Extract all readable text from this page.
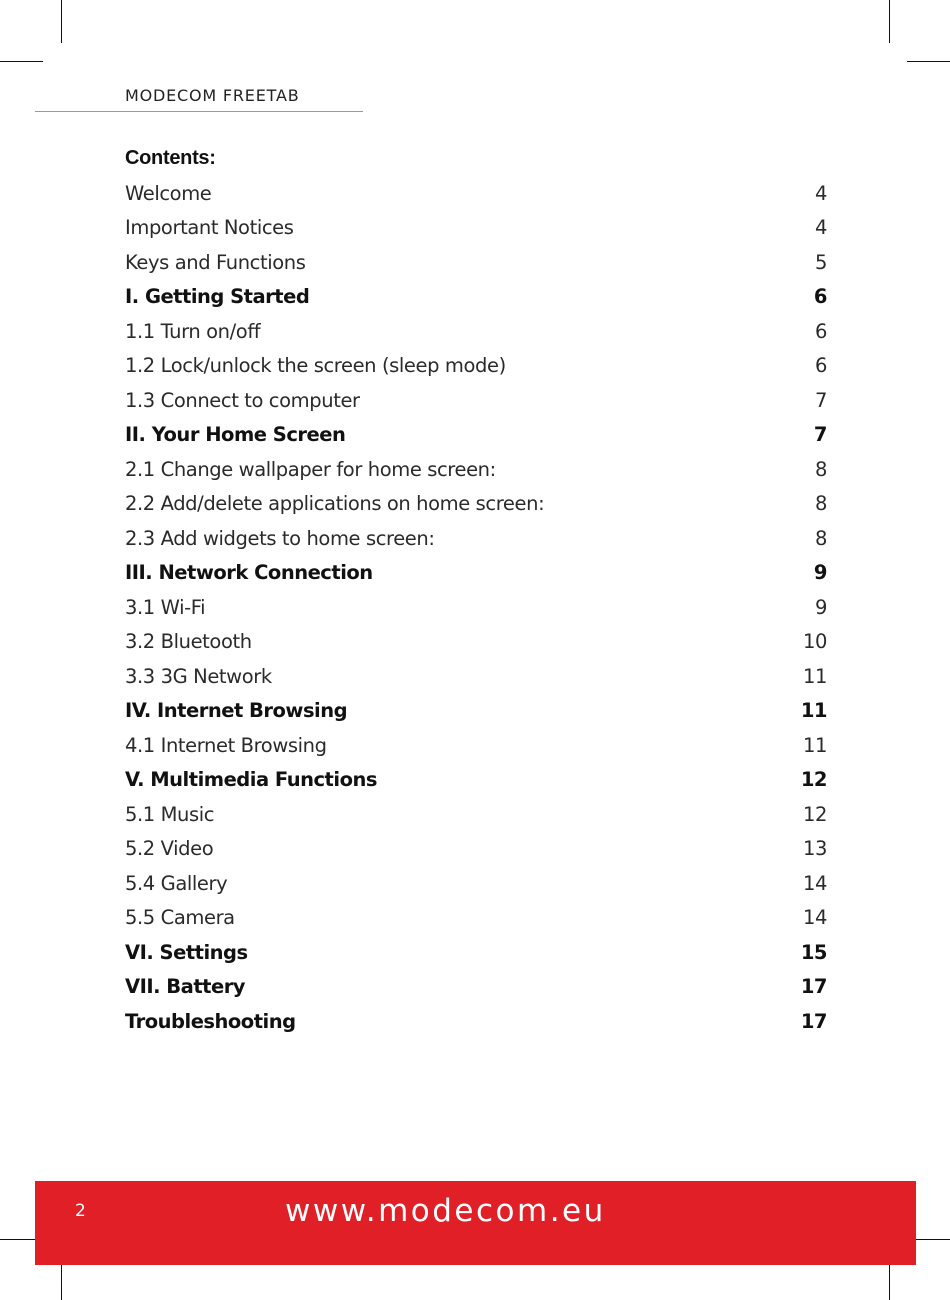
MODECOM FREETAB
Contents:
Welcome	4
Important Notices	4
Keys and Functions	5
I. Getting Started	6
1.1 Turn on/off	6
1.2 Lock/unlock the screen (sleep mode)	6
1.3 Connect to computer	7
II. Your Home Screen	7
2.1 Change wallpaper for home screen:	8
2.2 Add/delete applications on home screen:	8
2.3 Add widgets to home screen:	8
III. Network Connection	9
3.1 Wi-Fi	9
3.2 Bluetooth	10
3.3 3G Network	11
IV. Internet Browsing	11
4.1 Internet Browsing	11
V. Multimedia Functions	12
5.1 Music	12
5.2 Video	13
5.4 Gallery	14
5.5 Camera	14
VI. Settings	15
VII. Battery	17
Troubleshooting	17
2	www.modecom.eu
